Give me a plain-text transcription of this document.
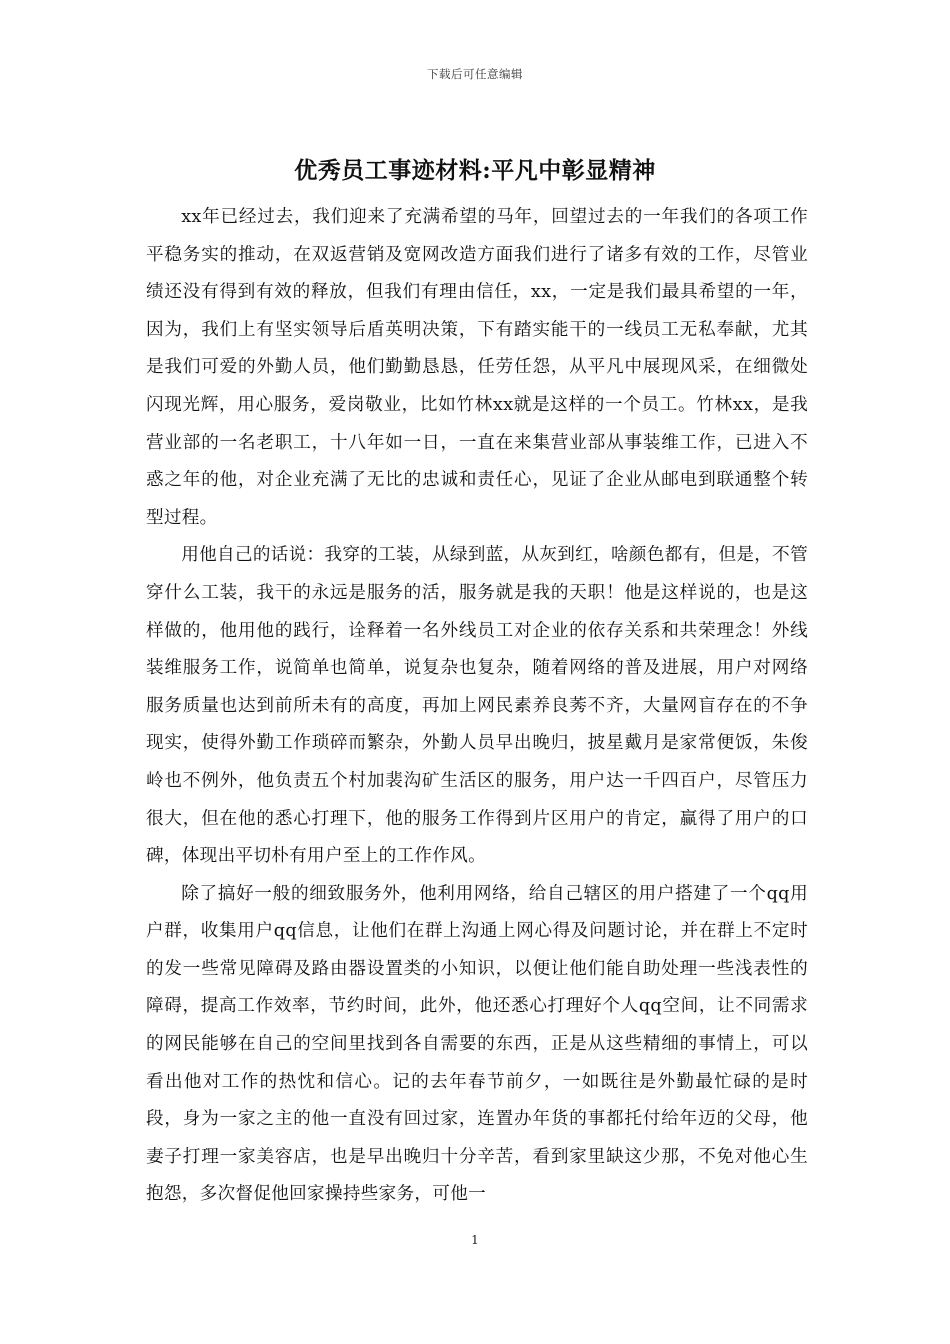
下载后可任意编辑
优秀员工事迹材料:平凡中彰显精神

xx年已经过去，我们迎来了充满希望的马年，回望过去的一年我们的各项工作平稳务实的推动，在双返营销及宽网改造方面我们进行了诸多有效的工作，尽管业绩还没有得到有效的释放，但我们有理由信任，xx，一定是我们最具希望的一年，因为，我们上有坚实领导后盾英明决策，下有踏实能干的一线员工无私奉献，尤其是我们可爱的外勤人员，他们勤勤恳恳，任劳任怨，从平凡中展现风采，在细微处闪现光辉，用心服务，爱岗敬业，比如竹林xx就是这样的一个员工。竹林xx，是我营业部的一名老职工，十八年如一日，一直在来集营业部从事装维工作，已进入不惑之年的他，对企业充满了无比的忠诚和责任心，见证了企业从邮电到联通整个转型过程。

用他自己的话说：我穿的工装，从绿到蓝，从灰到红，啥颜色都有，但是，不管穿什么工装，我干的永远是服务的活，服务就是我的天职！他是这样说的，也是这样做的，他用他的践行，诠释着一名外线员工对企业的依存关系和共荣理念！外线装维服务工作，说简单也简单，说复杂也复杂，随着网络的普及进展，用户对网络服务质量也达到前所未有的高度，再加上网民素养良莠不齐，大量网盲存在的不争现实，使得外勤工作琐碎而繁杂，外勤人员早出晚归，披星戴月是家常便饭，朱俊岭也不例外，他负责五个村加裴沟矿生活区的服务，用户达一千四百户，尽管压力很大，但在他的悉心打理下，他的服务工作得到片区用户的肯定，赢得了用户的口碑，体现出平切朴有用户至上的工作作风。

除了搞好一般的细致服务外，他利用网络，给自己辖区的用户搭建了一个qq用户群，收集用户qq信息，让他们在群上沟通上网心得及问题讨论，并在群上不定时的发一些常见障碍及路由器设置类的小知识，以便让他们能自助处理一些浅表性的障碍，提高工作效率，节约时间，此外，他还悉心打理好个人qq空间，让不同需求的网民能够在自己的空间里找到各自需要的东西，正是从这些精细的事情上，可以看出他对工作的热忱和信心。记的去年春节前夕，一如既往是外勤最忙碌的是时段，身为一家之主的他一直没有回过家，连置办年货的事都托付给年迈的父母，他妻子打理一家美容店，也是早出晚归十分辛苦，看到家里缺这少那，不免对他心生抱怨，多次督促他回家操持些家务，可他一

1
